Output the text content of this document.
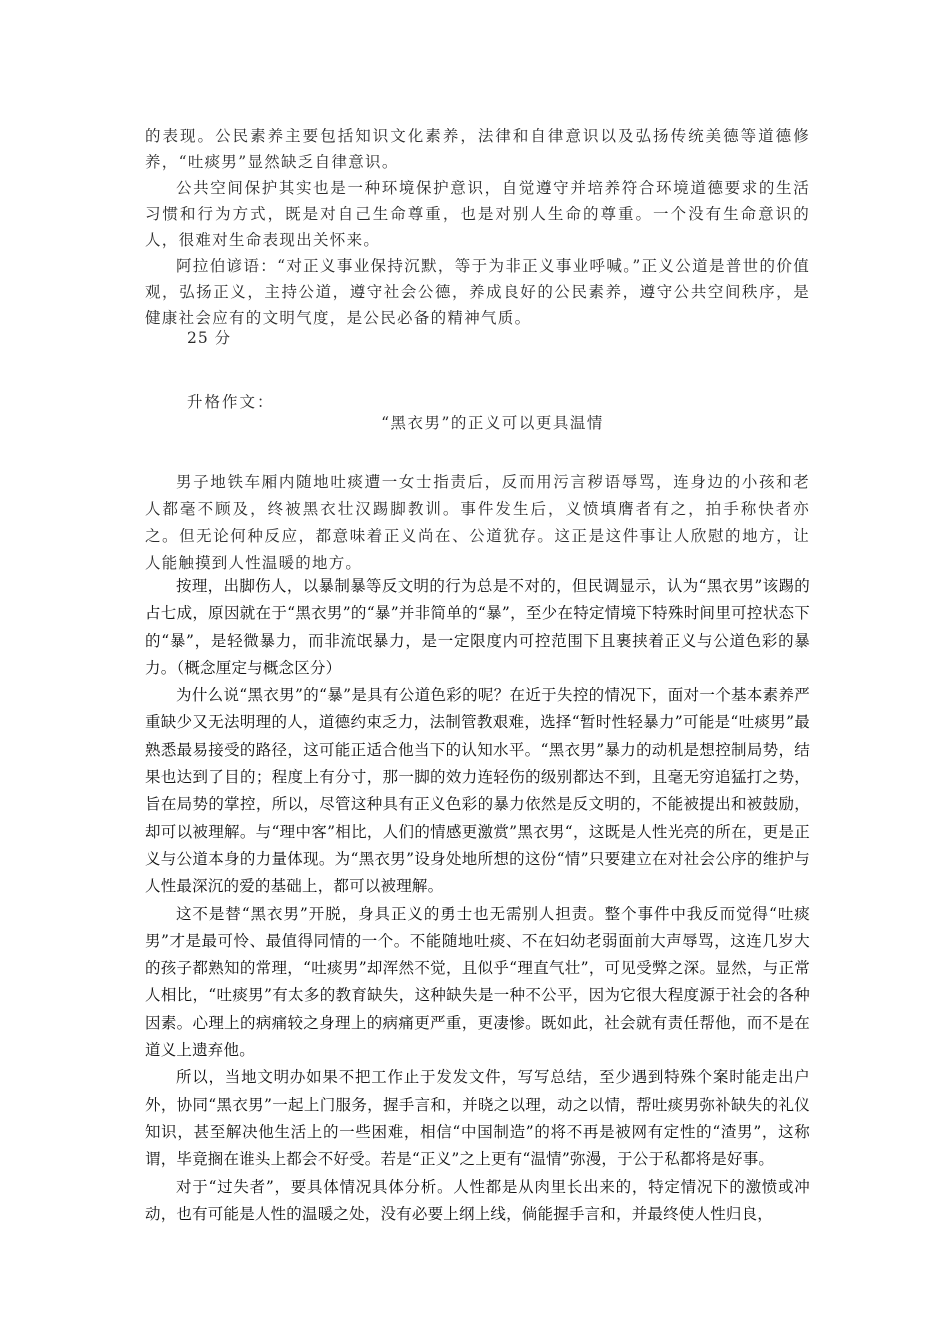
的表现。公民素养主要包括知识文化素养，法律和自律意识以及弘扬传统美德等道德修养，“吐痰男”显然缺乏自律意识。

公共空间保护其实也是一种环境保护意识，自觉遵守并培养符合环境道德要求的生活习惯和行为方式，既是对自己生命尊重，也是对别人生命的尊重。一个没有生命意识的人，很难对生命表现出关怀来。

阿拉伯谚语：“对正义事业保持沉默，等于为非正义事业呼喊。”正义公道是普世的价值观，弘扬正义，主持公道，遵守社会公德，养成良好的公民素养，遵守公共空间秩序，是健康社会应有的文明气度，是公民必备的精神气质。

25 分
升格作文：
“黑衣男”的正义可以更具温情

男子地铁车厢内随地吐痰遭一女士指责后，反而用污言秽语辱骂，连身边的小孩和老人都毫不顾及，终被黑衣壮汉踢脚教训。事件发生后，义愤填膺者有之，拍手称快者亦之。但无论何种反应，都意味着正义尚在、公道犹存。这正是这件事让人欣慰的地方，让人能触摸到人性温暖的地方。

按理，出脚伤人，以暴制暴等反文明的行为总是不对的，但民调显示，认为“黑衣男”该踢的占七成，原因就在于“黑衣男”的“暴”并非简单的“暴”，至少在特定情境下特殊时间里可控状态下的“暴”，是轻微暴力，而非流氓暴力，是一定限度内可控范围下且裹挟着正义与公道色彩的暴力。（概念厘定与概念区分）

为什么说“黑衣男”的“暴”是具有公道色彩的呢？在近于失控的情况下，面对一个基本素养严重缺少又无法明理的人，道德约束乏力，法制管教艰难，选择“暂时性轻暴力”可能是“吐痰男”最熟悉最易接受的路径，这可能正适合他当下的认知水平。“黑衣男”暴力的动机是想控制局势，结果也达到了目的；程度上有分寸，那一脚的效力连轻伤的级别都达不到，且毫无穷追猛打之势，旨在局势的掌控，所以，尽管这种具有正义色彩的暴力依然是反文明的，不能被提出和被鼓励，却可以被理解。与“理中客”相比，人们的情感更激赏”黑衣男“，这既是人性光亮的所在，更是正义与公道本身的力量体现。为“黑衣男”设身处地所想的这份“情”只要建立在对社会公序的维护与人性最深沉的爱的基础上，都可以被理解。

这不是替“黑衣男”开脱，身具正义的勇士也无需别人担责。整个事件中我反而觉得“吐痰男”才是最可怜、最值得同情的一个。不能随地吐痰、不在妇幼老弱面前大声辱骂，这连几岁大的孩子都熟知的常理，“吐痰男”却浑然不觉，且似乎“理直气壮”，可见受弊之深。显然，与正常人相比，“吐痰男”有太多的教育缺失，这种缺失是一种不公平，因为它很大程度源于社会的各种因素。心理上的病痛较之身理上的病痛更严重，更凄惨。既如此，社会就有责任帮他，而不是在道义上遗弃他。

所以，当地文明办如果不把工作止于发发文件，写写总结，至少遇到特殊个案时能走出户外，协同“黑衣男”一起上门服务，握手言和，并晓之以理，动之以情，帮吐痰男弥补缺失的礼仪知识，甚至解决他生活上的一些困难，相信“中国制造”的将不再是被网有定性的“渣男”，这称谓，毕竟搁在谁头上都会不好受。若是“正义”之上更有“温情”弥漫，于公于私都将是好事。

对于“过失者”，要具体情况具体分析。人性都是从肉里长出来的，特定情况下的激愤或冲动，也有可能是人性的温暖之处，没有必要上纲上线，倘能握手言和，并最终使人性归良，
